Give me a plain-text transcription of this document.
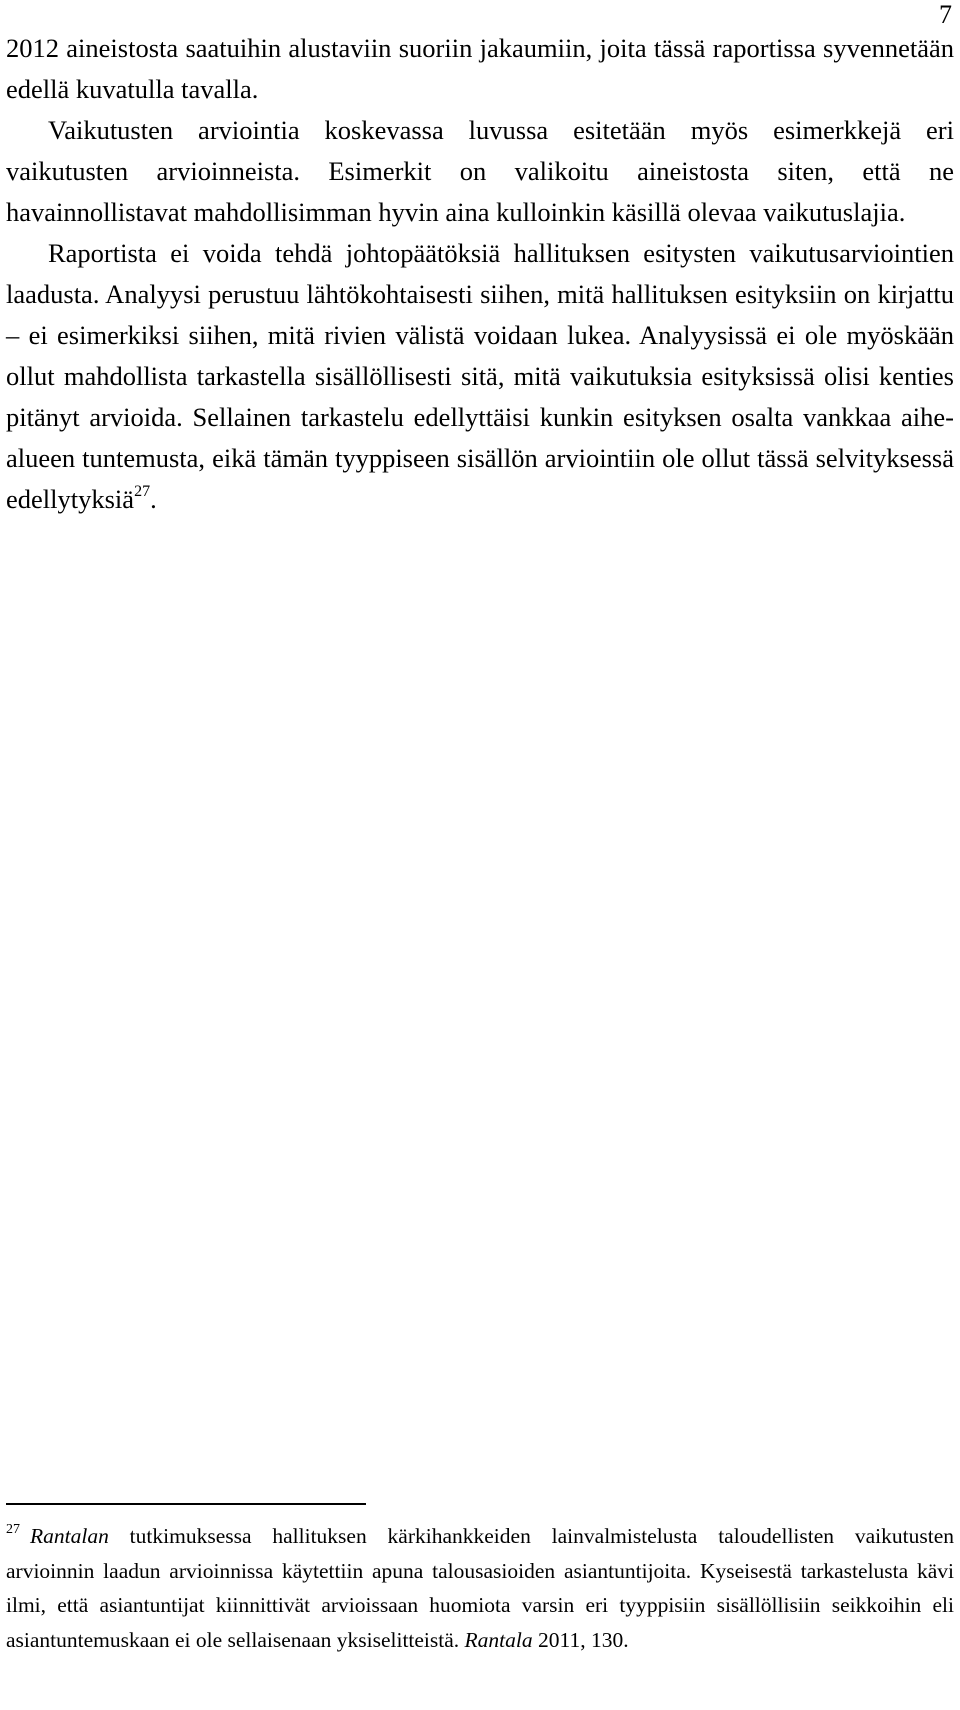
7

2012 aineistosta saatuihin alustaviin suoriin jakaumiin, joita tässä raportissa syvennetään edellä kuvatulla tavalla.

Vaikutusten arviointia koskevassa luvussa esitetään myös esimerkkejä eri vaikutusten arvioinneista. Esimerkit on valikoitu aineistosta siten, että ne havainnollistavat mahdollisimman hyvin aina kulloinkin käsillä olevaa vaikutuslajia.

Raportista ei voida tehdä johtopäätöksiä hallituksen esitysten vaikutusarviointien laadusta. Analyysi perustuu lähtökohtaisesti siihen, mitä hallituksen esityksiin on kirjattu – ei esimerkiksi siihen, mitä rivien välistä voidaan lukea. Analyysissä ei ole myöskään ollut mahdollista tarkastella sisällöllisesti sitä, mitä vaikutuksia esityksissä olisi kenties pitänyt arvioida. Sellainen tarkastelu edellyttäisi kunkin esityksen osalta vankkaa aihealueen tuntemusta, eikä tämän tyyppiseen sisällön arviointiin ole ollut tässä selvityksessä edellytyksiä$^{27}$.

$^{27}$ Rantalan tutkimuksessa hallituksen kärkihankkeiden lainvalmistelusta taloudellisten vaikutusten arvioinnin laadun arvioinnissa käytettiin apuna talousasioiden asiantuntijoita. Kyseisestä tarkastelusta kävi ilmi, että asiantuntijat kiinnittivät arvioissaan huomiota varsin eri tyyppisiin sisällöllisiin seikkoihin eli asiantuntemuskaan ei ole sellaisenaan yksiselitteistä. Rantala 2011, 130.
